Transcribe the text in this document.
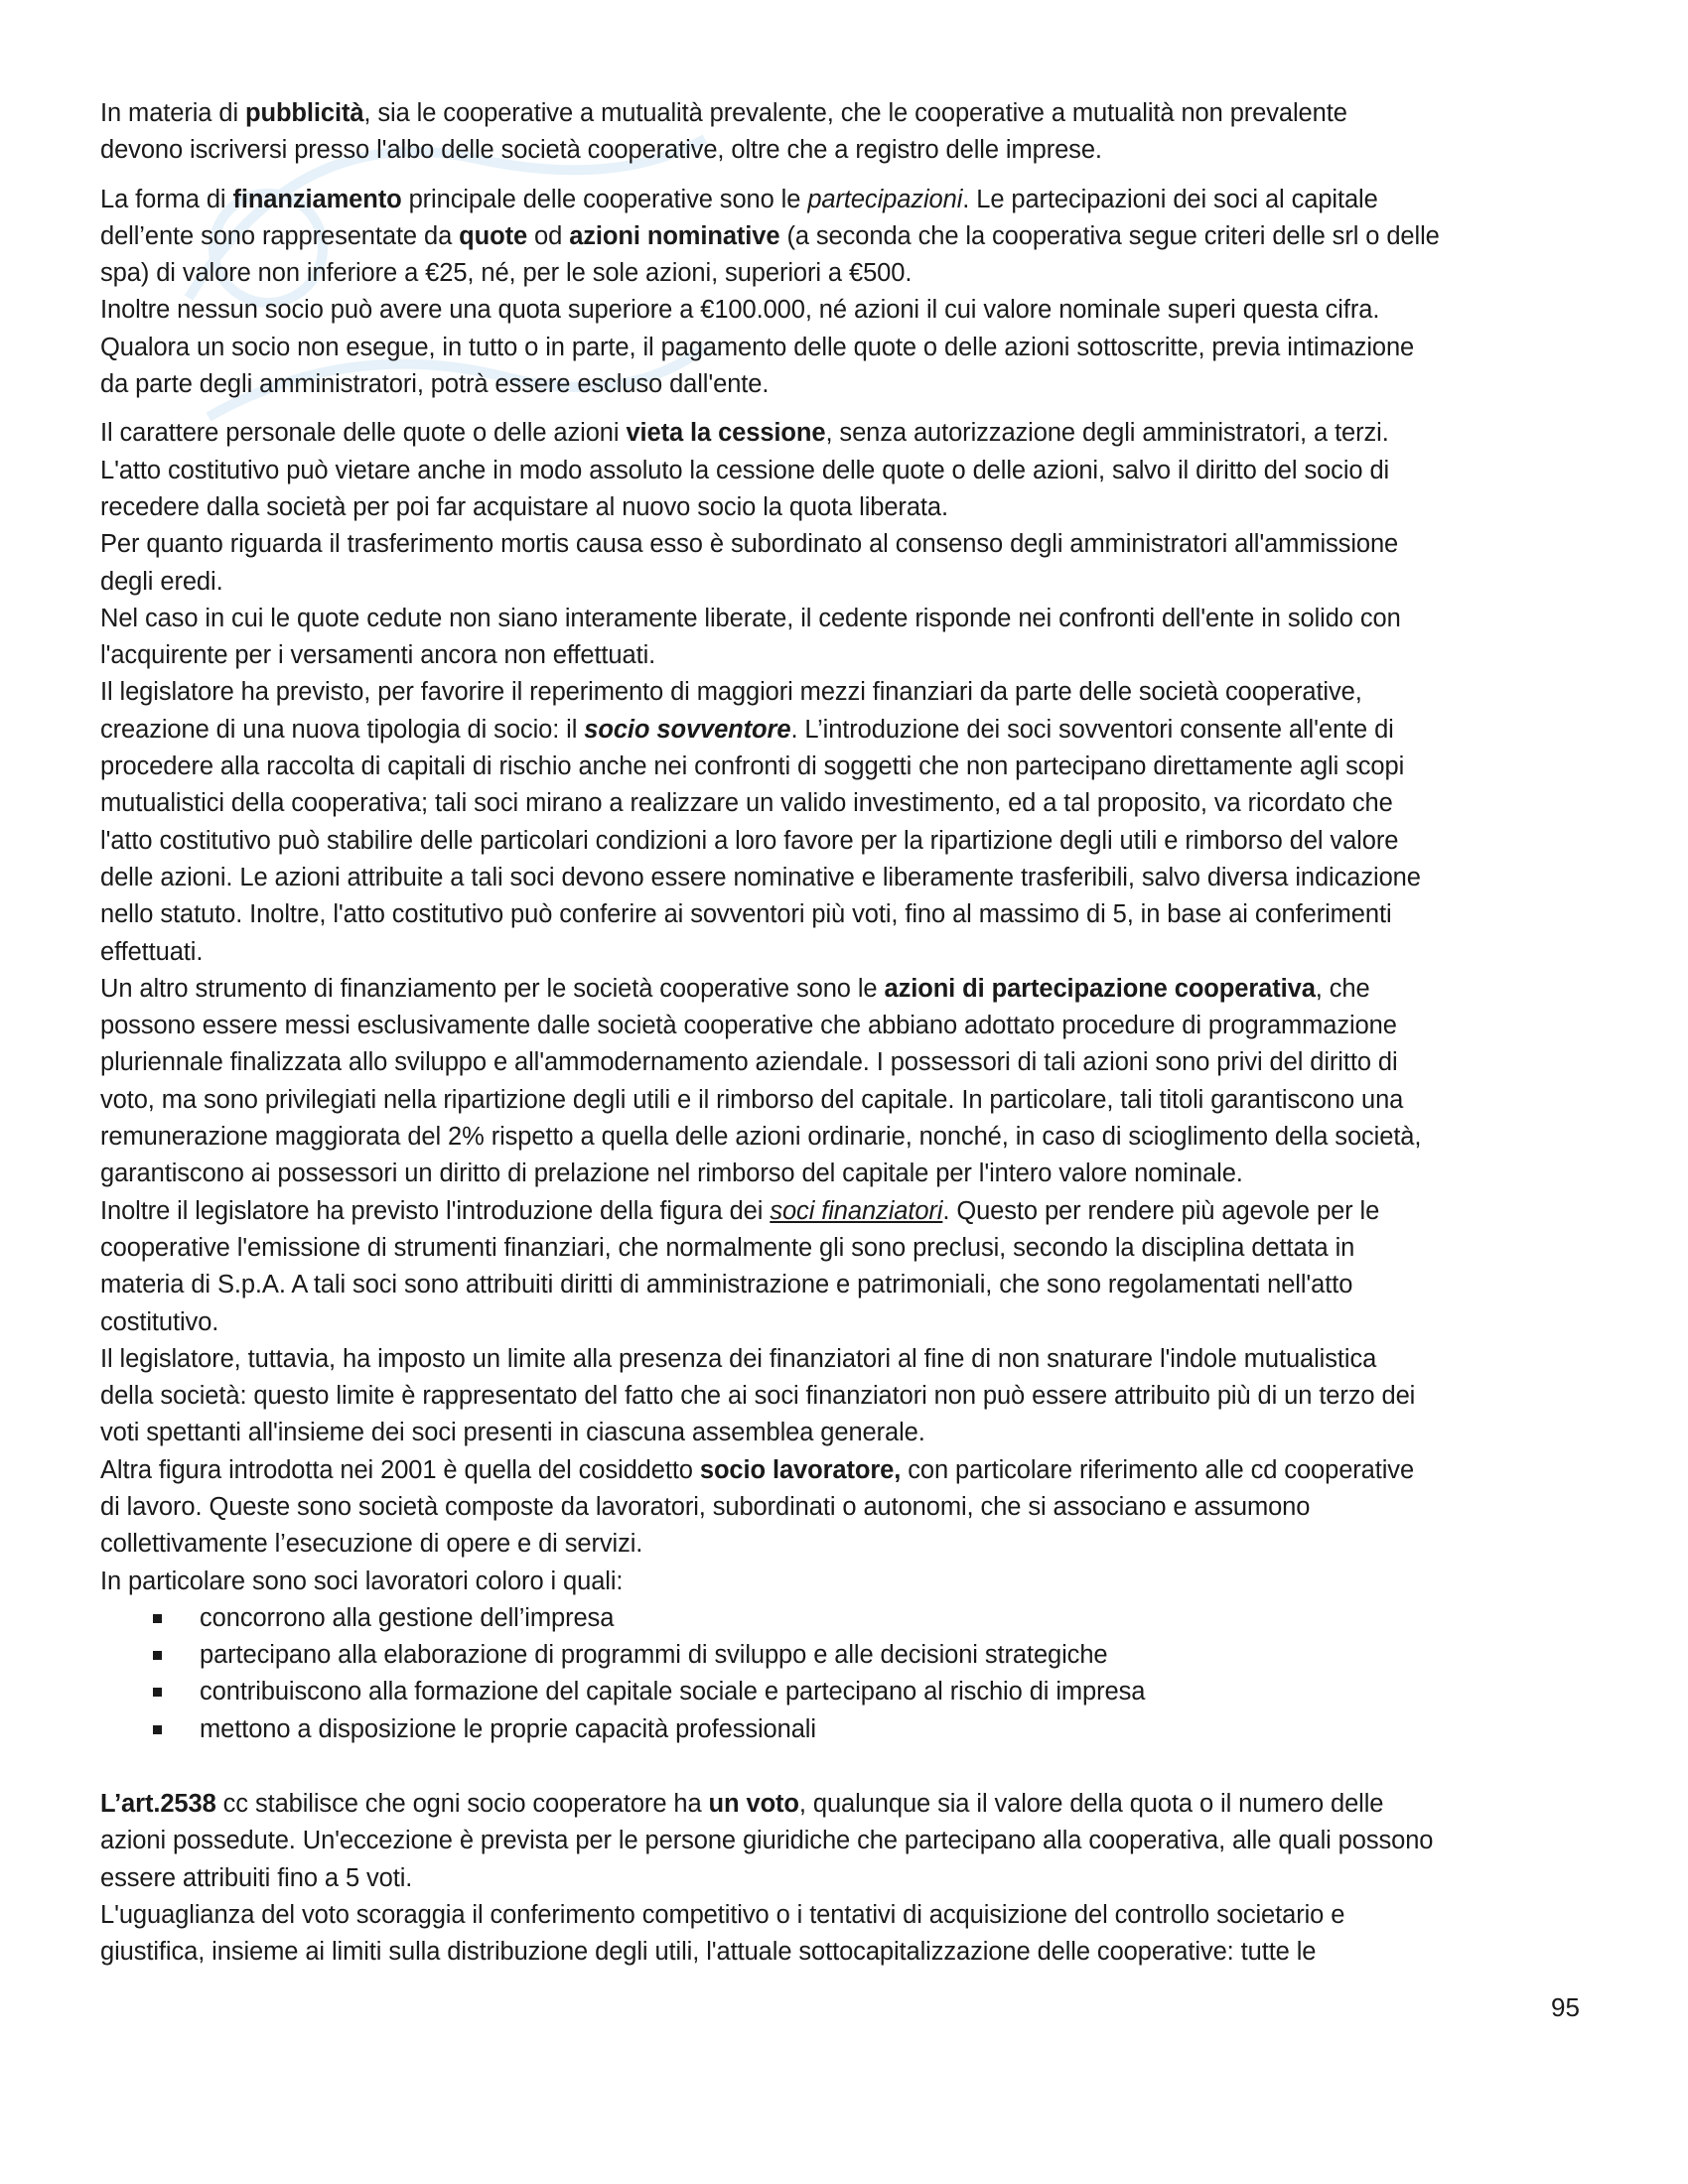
In materia di pubblicità, sia le cooperative a mutualità prevalente, che le cooperative a mutualità non prevalente
devono iscriversi presso l'albo delle società cooperative, oltre che a registro delle imprese.

La forma di finanziamento principale delle cooperative sono le partecipazioni. Le partecipazioni dei soci al capitale
dell’ente sono rappresentate da quote od azioni nominative (a seconda che la cooperativa segue criteri delle srl o delle
spa) di valore non inferiore a €25, né, per le sole azioni, superiori a €500.
Inoltre nessun socio può avere una quota superiore a €100.000, né azioni il cui valore nominale superi questa cifra.
Qualora un socio non esegue, in tutto o in parte, il pagamento delle quote o delle azioni sottoscritte, previa intimazione
da parte degli amministratori, potrà essere escluso dall'ente.

Il carattere personale delle quote o delle azioni vieta la cessione, senza autorizzazione degli amministratori, a terzi.
L'atto costitutivo può vietare anche in modo assoluto la cessione delle quote o delle azioni, salvo il diritto del socio di
recedere dalla società per poi far acquistare al nuovo socio la quota liberata.
Per quanto riguarda il trasferimento mortis causa esso è subordinato al consenso degli amministratori all'ammissione
degli eredi.
Nel caso in cui le quote cedute non siano interamente liberate, il cedente risponde nei confronti dell'ente in solido con
l'acquirente per i versamenti ancora non effettuati.
Il legislatore ha previsto, per favorire il reperimento di maggiori mezzi finanziari da parte delle società cooperative,
creazione di una nuova tipologia di socio: il socio sovventore. L’introduzione dei soci sovventori consente all'ente di
procedere alla raccolta di capitali di rischio anche nei confronti di soggetti che non partecipano direttamente agli scopi
mutualistici della cooperativa; tali soci mirano a realizzare un valido investimento, ed a tal proposito, va ricordato che
l'atto costitutivo può stabilire delle particolari condizioni a loro favore per la ripartizione degli utili e rimborso del valore
delle azioni. Le azioni attribuite a tali soci devono essere nominative e liberamente trasferibili, salvo diversa indicazione
nello statuto. Inoltre, l'atto costitutivo può conferire ai sovventori più voti, fino al massimo di 5, in base ai conferimenti
effettuati.
Un altro strumento di finanziamento per le società cooperative sono le azioni di partecipazione cooperativa, che
possono essere messi esclusivamente dalle società cooperative che abbiano adottato procedure di programmazione
pluriennale finalizzata allo sviluppo e all'ammodernamento aziendale. I possessori di tali azioni sono privi del diritto di
voto, ma sono privilegiati nella ripartizione degli utili e il rimborso del capitale. In particolare, tali titoli garantiscono una
remunerazione maggiorata del 2% rispetto a quella delle azioni ordinarie, nonché, in caso di scioglimento della società,
garantiscono ai possessori un diritto di prelazione nel rimborso del capitale per l'intero valore nominale.
Inoltre il legislatore ha previsto l'introduzione della figura dei soci finanziatori. Questo per rendere più agevole per le
cooperative l'emissione di strumenti finanziari, che normalmente gli sono preclusi, secondo la disciplina dettata in
materia di S.p.A. A tali soci sono attribuiti diritti di amministrazione e patrimoniali, che sono regolamentati nell'atto
costitutivo.
Il legislatore, tuttavia, ha imposto un limite alla presenza dei finanziatori al fine di non snaturare l'indole mutualistica
della società: questo limite è rappresentato del fatto che ai soci finanziatori non può essere attribuito più di un terzo dei
voti spettanti all'insieme dei soci presenti in ciascuna assemblea generale.
Altra figura introdotta nei 2001 è quella del cosiddetto socio lavoratore, con particolare riferimento alle cd cooperative
di lavoro. Queste sono società composte da lavoratori, subordinati o autonomi, che si associano e assumono
collettivamente l’esecuzione di opere e di servizi.
In particolare sono soci lavoratori coloro i quali:

concorrono alla gestione dell’impresa
partecipano alla elaborazione di programmi di sviluppo e alle decisioni strategiche
contribuiscono alla formazione del capitale sociale e partecipano al rischio di impresa
mettono a disposizione le proprie capacità professionali

L’art.2538 cc stabilisce che ogni socio cooperatore ha un voto, qualunque sia il valore della quota o il numero delle
azioni possedute. Un'eccezione è prevista per le persone giuridiche che partecipano alla cooperativa, alle quali possono
essere attribuiti fino a 5 voti.
L'uguaglianza del voto scoraggia il conferimento competitivo o i tentativi di acquisizione del controllo societario e
giustifica, insieme ai limiti sulla distribuzione degli utili, l'attuale sottocapitalizzazione delle cooperative: tutte le

95
